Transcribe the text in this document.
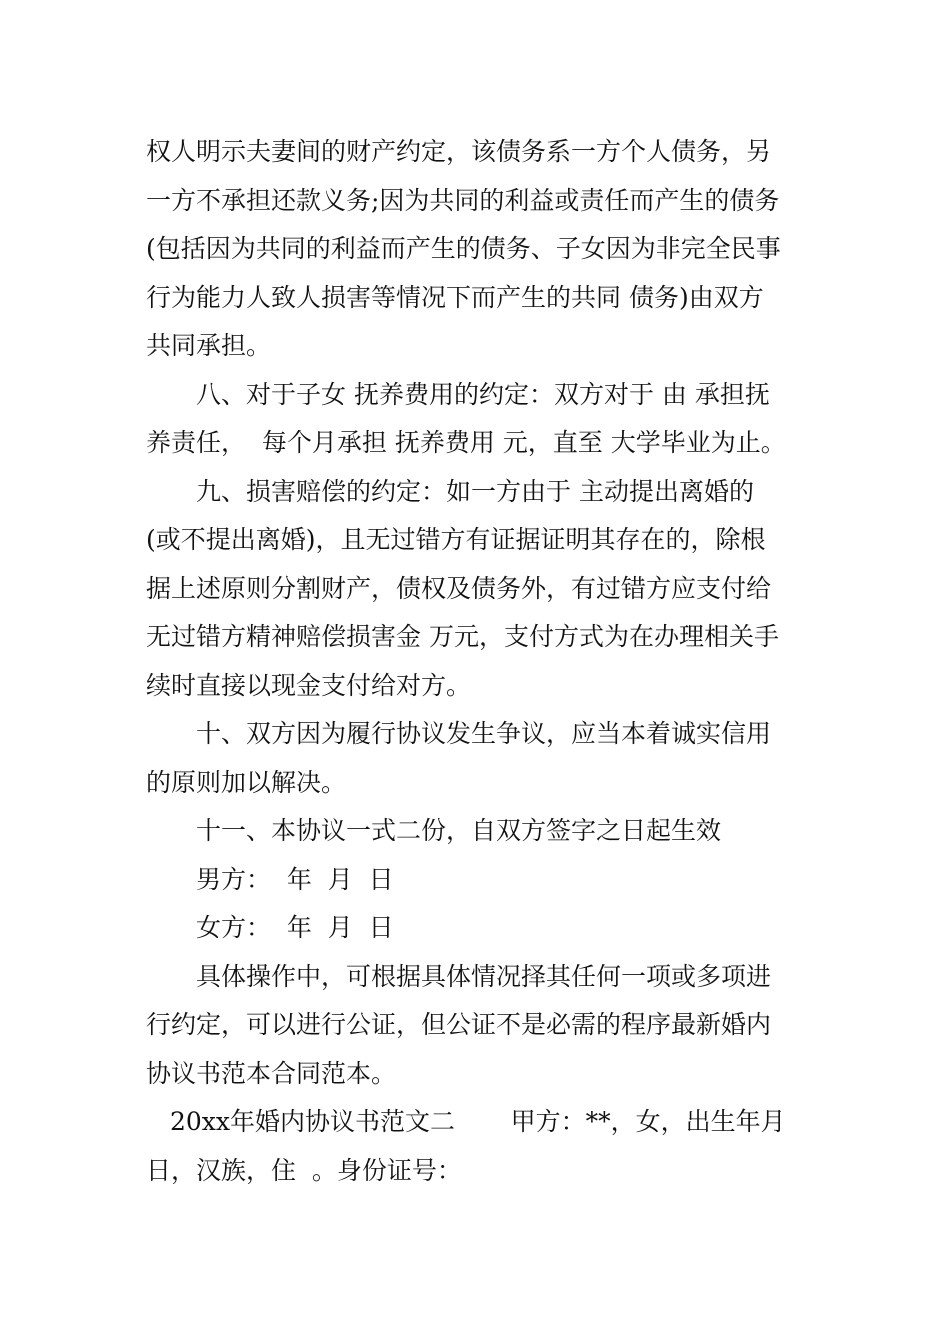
权人明示夫妻间的财产约定，该债务系一方个人债务，另
一方不承担还款义务;因为共同的利益或责任而产生的债务
(包括因为共同的利益而产生的债务、子女因为非完全民事
行为能力人致人损害等情况下而产生的共同 债务)由双方
共同承担。
八、对于子女 抚养费用的约定：双方对于 由 承担抚
养责任，  每个月承担 抚养费用 元，直至 大学毕业为止。
九、损害赔偿的约定：如一方由于 主动提出离婚的
(或不提出离婚)，且无过错方有证据证明其存在的，除根
据上述原则分割财产，债权及债务外，有过错方应支付给
无过错方精神赔偿损害金 万元，支付方式为在办理相关手
续时直接以现金支付给对方。
十、双方因为履行协议发生争议，应当本着诚实信用
的原则加以解决。
十一、本协议一式二份，自双方签字之日起生效
男方：  年  月  日
女方：  年  月  日
具体操作中，可根据具体情况择其任何一项或多项进
行约定，可以进行公证，但公证不是必需的程序最新婚内
协议书范本合同范本。
20xx年婚内协议书范文二       甲方：**，女，出生年月
日，汉族，住  。身份证号：
